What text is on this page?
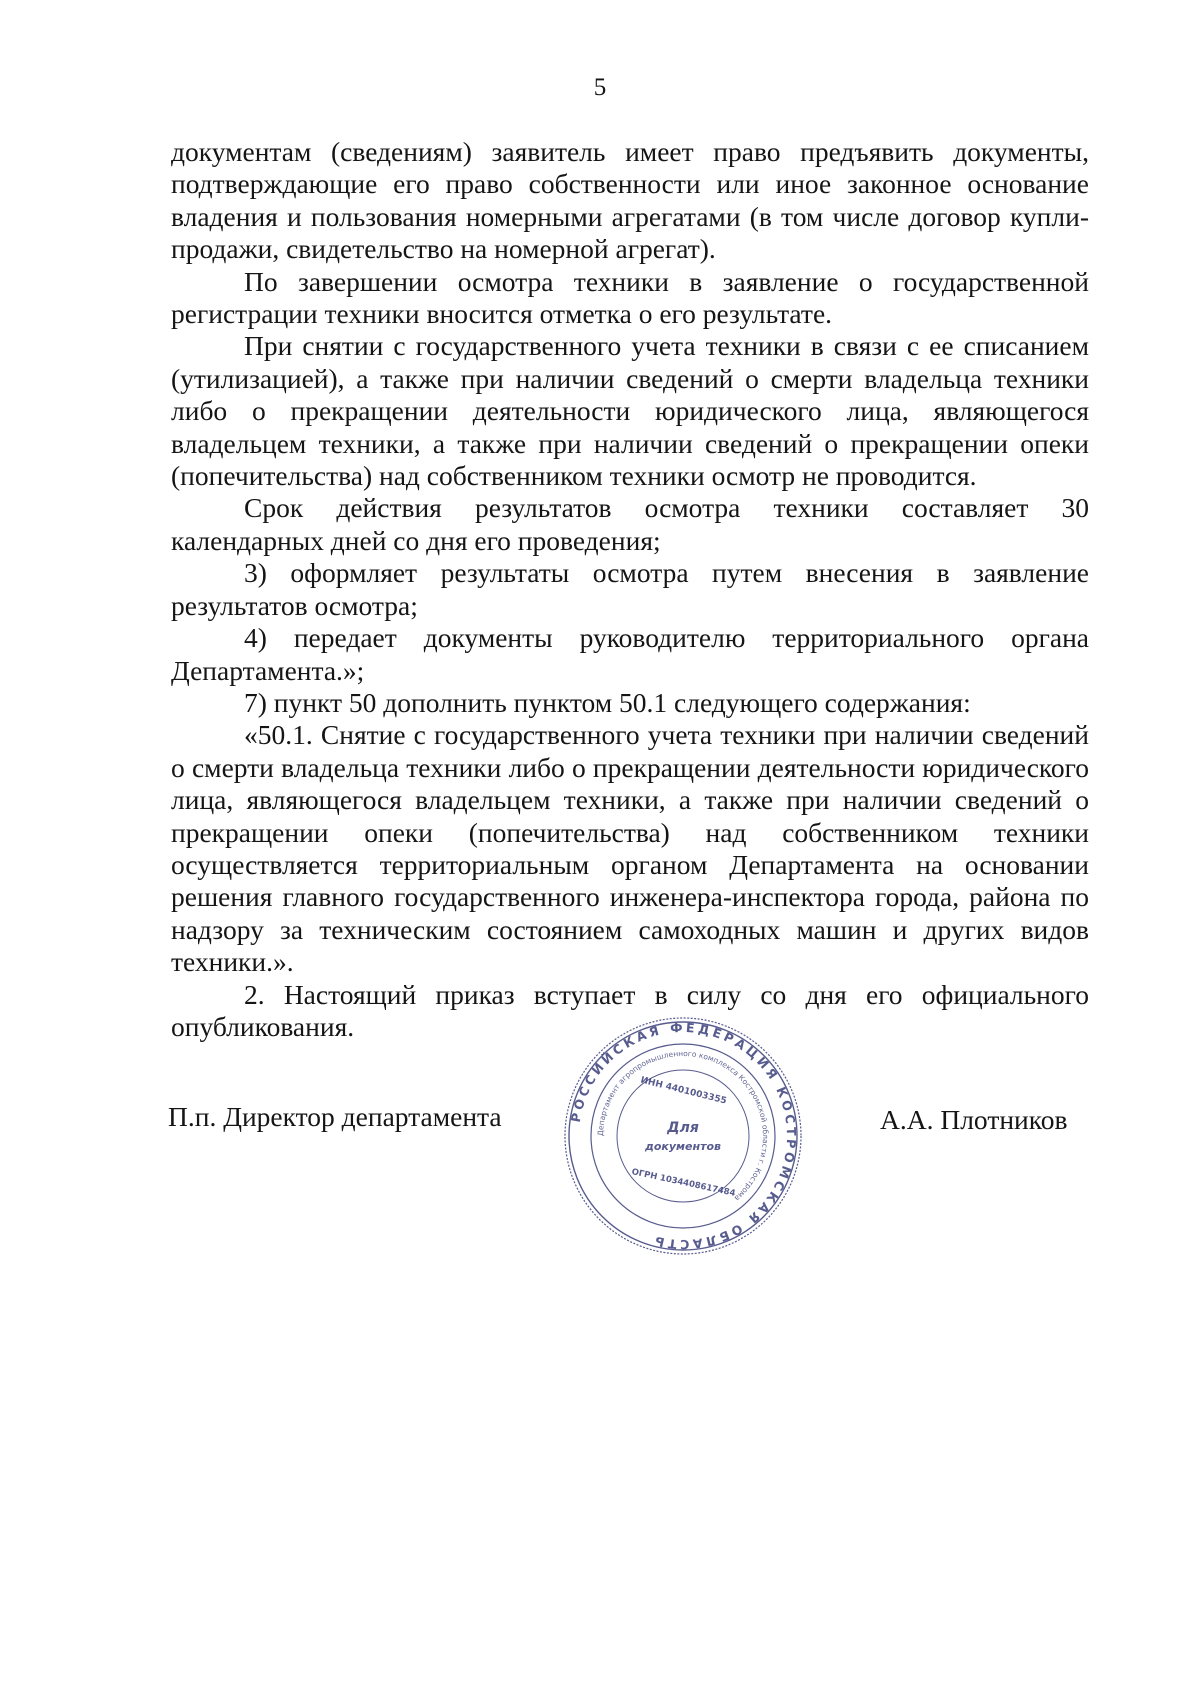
5

документам (сведениям) заявитель имеет право предъявить документы, подтверждающие его право собственности или иное законное основание владения и пользования номерными агрегатами (в том числе договор купли-продажи, свидетельство на номерной агрегат).

По завершении осмотра техники в заявление о государственной регистрации техники вносится отметка о его результате.

При снятии с государственного учета техники в связи с ее списанием (утилизацией), а также при наличии сведений о смерти владельца техники либо о прекращении деятельности юридического лица, являющегося владельцем техники, а также при наличии сведений о прекращении опеки (попечительства) над собственником техники осмотр не проводится.

Срок действия результатов осмотра техники составляет 30 календарных дней со дня его проведения;

3) оформляет результаты осмотра путем внесения в заявление результатов осмотра;

4) передает документы руководителю территориального органа Департамента.»;

7) пункт 50 дополнить пунктом 50.1 следующего содержания:

«50.1. Снятие с государственного учета техники при наличии сведений о смерти владельца техники либо о прекращении деятельности юридического лица, являющегося владельцем техники, а также при наличии сведений о прекращении опеки (попечительства) над собственником техники осуществляется территориальным органом Департамента на основании решения главного государственного инженера-инспектора города, района по надзору за техническим состоянием самоходных машин и других видов техники.».

2. Настоящий приказ вступает в силу со дня его официального опубликования.

П.п. Директор департамента	РОССИЙСКАЯ ФЕДЕРАЦИЯ КОСТРОМСКАЯ ОБЛАСТЬ
Департамент агропромышленного комплекса Костромской области г. Кострома
ИНН 4401003355
Для
документов
ОГРН 1034408617484
А.А. Плотников
